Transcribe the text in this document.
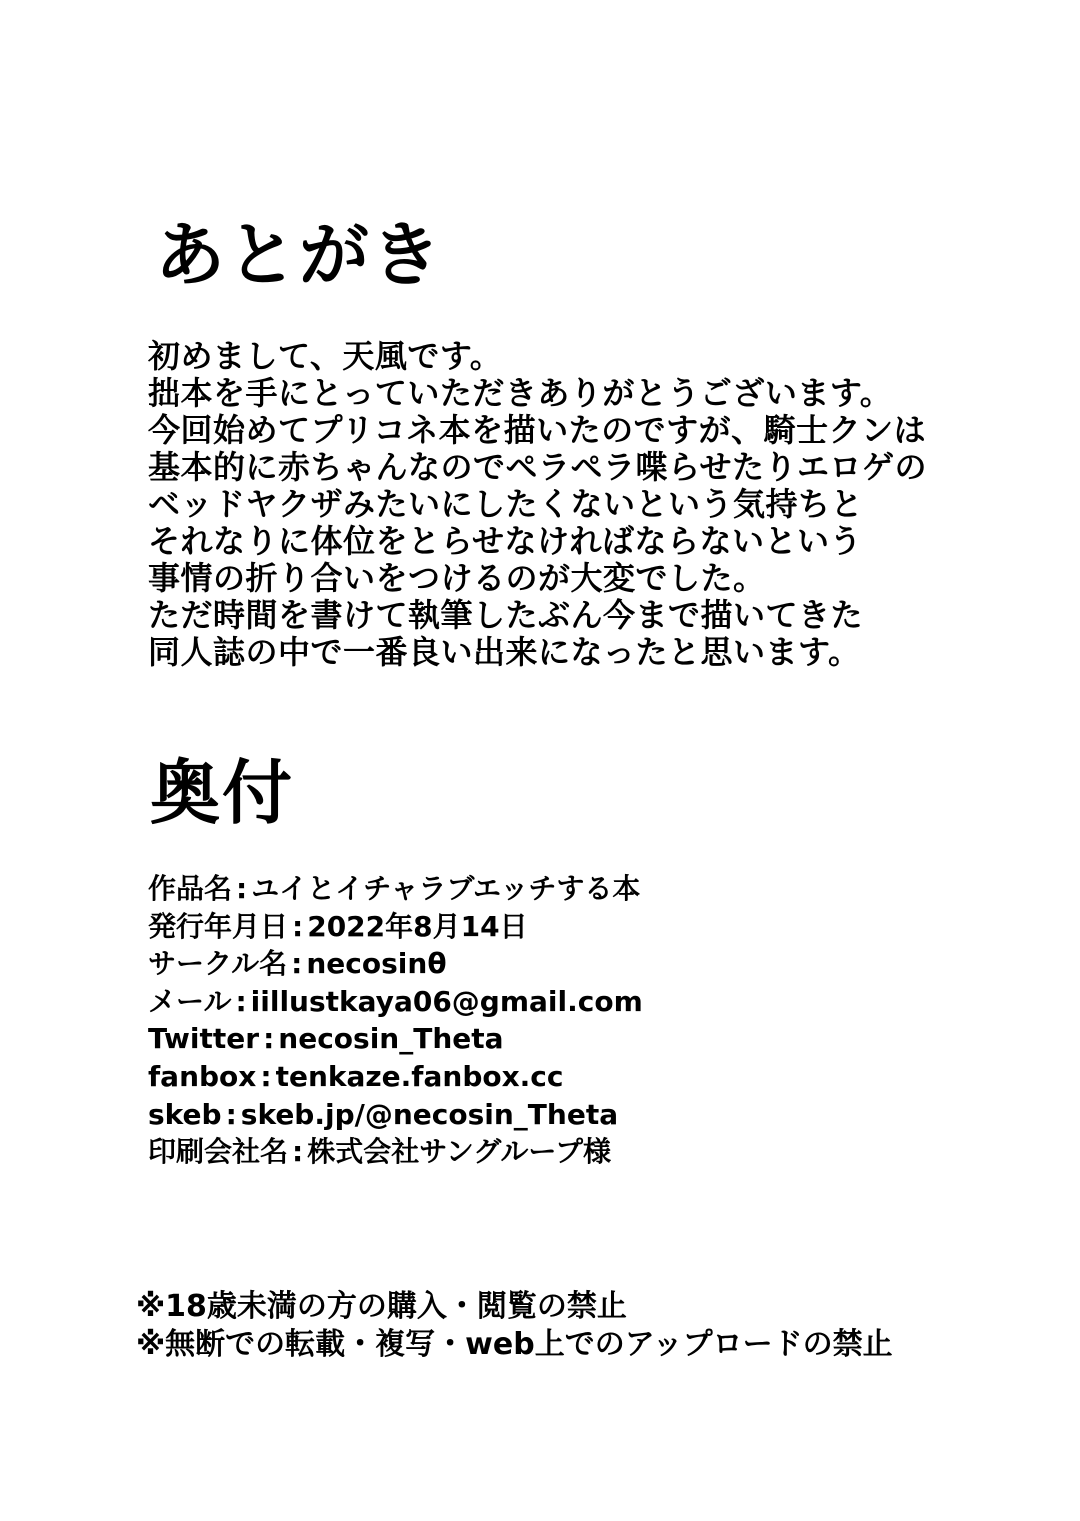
あとがき
初めまして、天風です。
拙本を手にとっていただきありがとうございます。
今回始めてプリコネ本を描いたのですが、騎士クンは
基本的に赤ちゃんなのでペラペラ喋らせたりエロゲの
ベッドヤクザみたいにしたくないという気持ちと
それなりに体位をとらせなければならないという
事情の折り合いをつけるのが大変でした。
ただ時間を書けて執筆したぶん今まで描いてきた
同人誌の中で一番良い出来になったと思います。
奥付
作品名 : ユイとイチャラブエッチする本
発行年月日 : 2022年8月14日
サークル名 : necosinθ
メール : iillustkaya06@gmail.com
Twitter : necosin_Theta
fanbox : tenkaze.fanbox.cc
skeb : skeb.jp/@necosin_Theta
印刷会社名 : 株式会社サングループ様
※18歳未満の方の購入・閲覧の禁止
※無断での転載・複写・web上でのアップロードの禁止
